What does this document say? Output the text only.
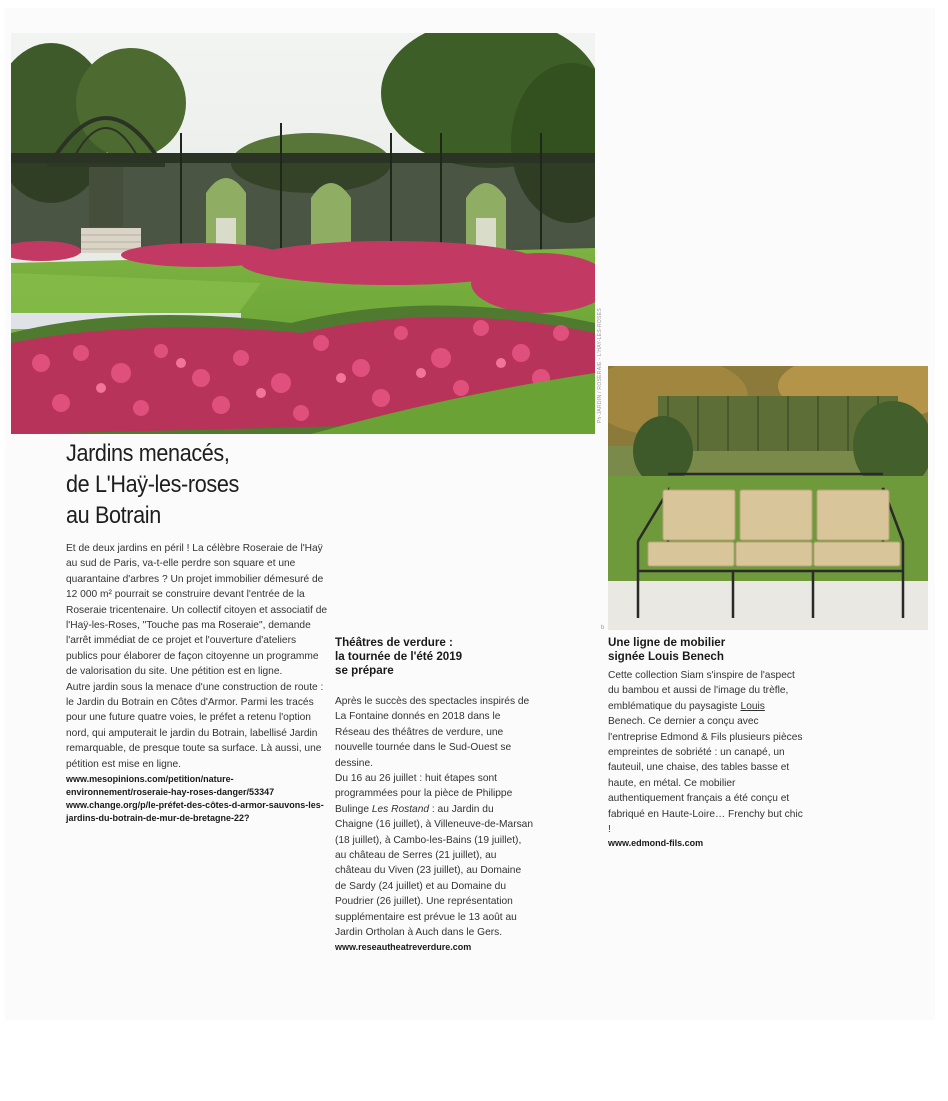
Ph-JARDIN / ROSERAIE - L'HAY-LES-ROSES
b
Jardins menacés,
de L'Haÿ-les-roses
au Botrain

Et de deux jardins en péril ! La célèbre Roseraie de l'Haÿ au sud de Paris, va-t-elle perdre son square et une quarantaine d'arbres ? Un projet immobilier démesuré de 12 000 m² pourrait se construire devant l'entrée de la Roseraie tricentenaire. Un collectif citoyen et associatif de l'Haÿ-les-Roses, "Touche pas ma Roseraie", demande l'arrêt immédiat de ce projet et l'ouverture d'ateliers publics pour élaborer de façon citoyenne un programme de valorisation du site. Une pétition est en ligne.

Autre jardin sous la menace d'une construction de route : le Jardin du Botrain en Côtes d'Armor. Parmi les tracés pour une future quatre voies, le préfet a retenu l'option nord, qui amputerait le jardin du Botrain, labellisé Jardin remarquable, de presque toute sa surface. Là aussi, une pétition est mise en ligne.

www.mesopinions.com/petition/nature-environnement/roseraie-hay-roses-danger/53347
www.change.org/p/le-préfet-des-côtes-d-armor-sauvons-les-jardins-du-botrain-de-mur-de-bretagne-22?
Théâtres de verdure :
la tournée de l'été 2019
se prépare

Après le succès des spectacles inspirés de La Fontaine donnés en 2018 dans le Réseau des théâtres de verdure, une nouvelle tournée dans le Sud-Ouest se dessine.

Du 16 au 26 juillet : huit étapes sont programmées pour la pièce de Philippe Bulinge Les Rostand : au Jardin du Chaigne (16 juillet), à Villeneuve-de-Marsan (18 juillet), à Cambo-les-Bains (19 juillet), au château de Serres (21 juillet), au château du Viven (23 juillet), au Domaine de Sardy (24 juillet) et au Domaine du Poudrier (26 juillet). Une représentation supplémentaire est prévue le 13 août au Jardin Ortholan à Auch dans le Gers.

www.reseautheatreverdure.com
Une ligne de mobilier
signée Louis Benech

Cette collection Siam s'inspire de l'aspect du bambou et aussi de l'image du trèfle, emblématique du paysagiste Louis Benech. Ce dernier a conçu avec l'entreprise Edmond & Fils plusieurs pièces empreintes de sobriété : un canapé, un fauteuil, une chaise, des tables basse et haute, en métal. Ce mobilier authentiquement français a été conçu et fabriqué en Haute-Loire… Frenchy but chic !

www.edmond-fils.com
